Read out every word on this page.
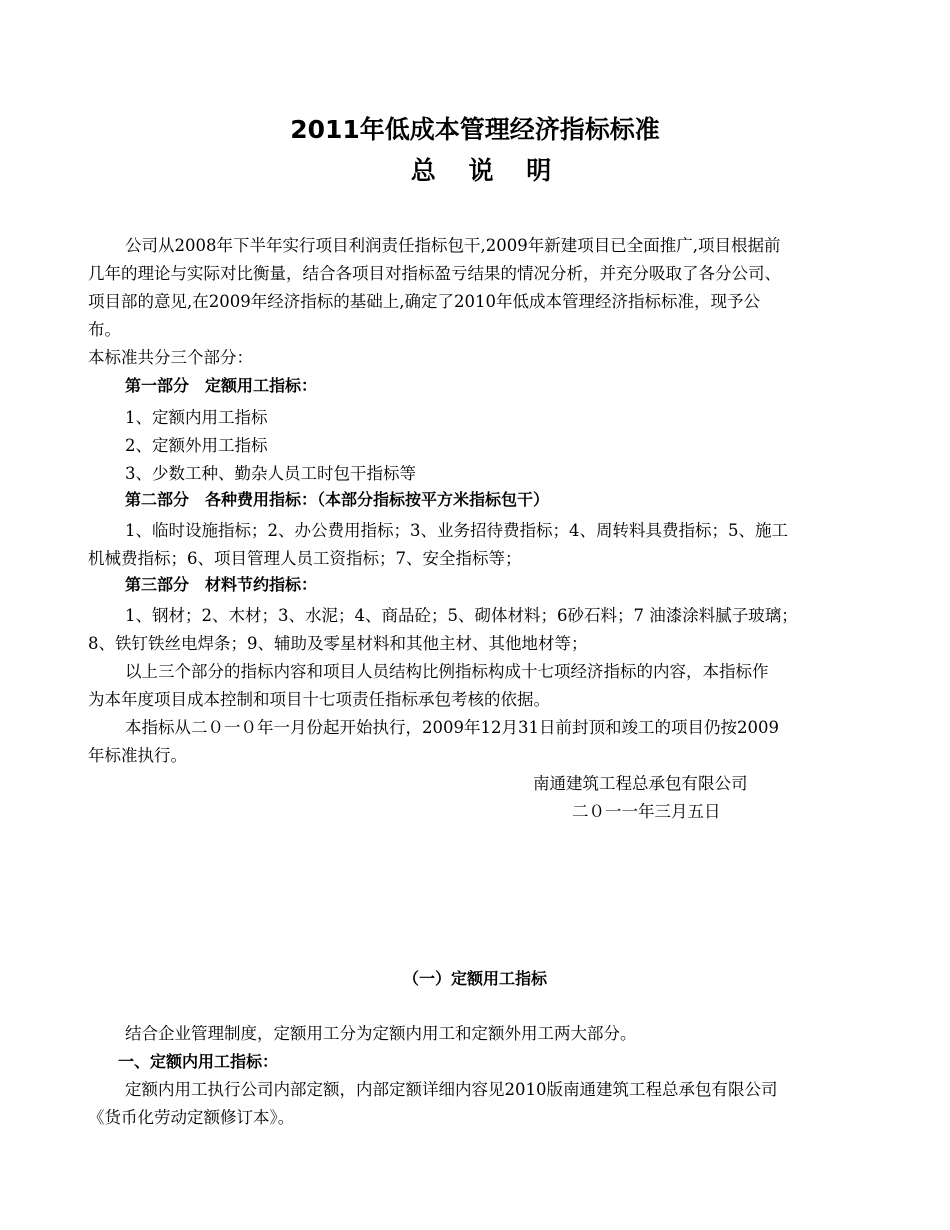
2011年低成本管理经济指标标准
总 说 明

公司从2008年下半年实行项目利润责任指标包干,2009年新建项目已全面推广,项目根据前

几年的理论与实际对比衡量，结合各项目对指标盈亏结果的情况分析，并充分吸取了各分公司、

项目部的意见,在2009年经济指标的基础上,确定了2010年低成本管理经济指标标准，现予公

布。

本标准共分三个部分：

第一部分　定额用工指标：

1、定额内用工指标

2、定额外用工指标

3、少数工种、勤杂人员工时包干指标等

第二部分　各种费用指标：（本部分指标按平方米指标包干）

1、临时设施指标；2、办公费用指标；3、业务招待费指标；4、周转料具费指标；5、施工

机械费指标；6、项目管理人员工资指标；7、安全指标等；

第三部分　材料节约指标：

1、钢材；2、木材；3、水泥；4、商品砼；5、砌体材料；6砂石料；7 油漆涂料腻子玻璃；

8、铁钉铁丝电焊条；9、辅助及零星材料和其他主材、其他地材等；

以上三个部分的指标内容和项目人员结构比例指标构成十七项经济指标的内容，本指标作

为本年度项目成本控制和项目十七项责任指标承包考核的依据。

本指标从二０一０年一月份起开始执行，2009年12月31日前封顶和竣工的项目仍按2009

年标准执行。

南通建筑工程总承包有限公司

二０一一年三月五日

（一）定额用工指标

结合企业管理制度，定额用工分为定额内用工和定额外用工两大部分。

一、定额内用工指标：

定额内用工执行公司内部定额，内部定额详细内容见2010版南通建筑工程总承包有限公司

《货币化劳动定额修订本》。
